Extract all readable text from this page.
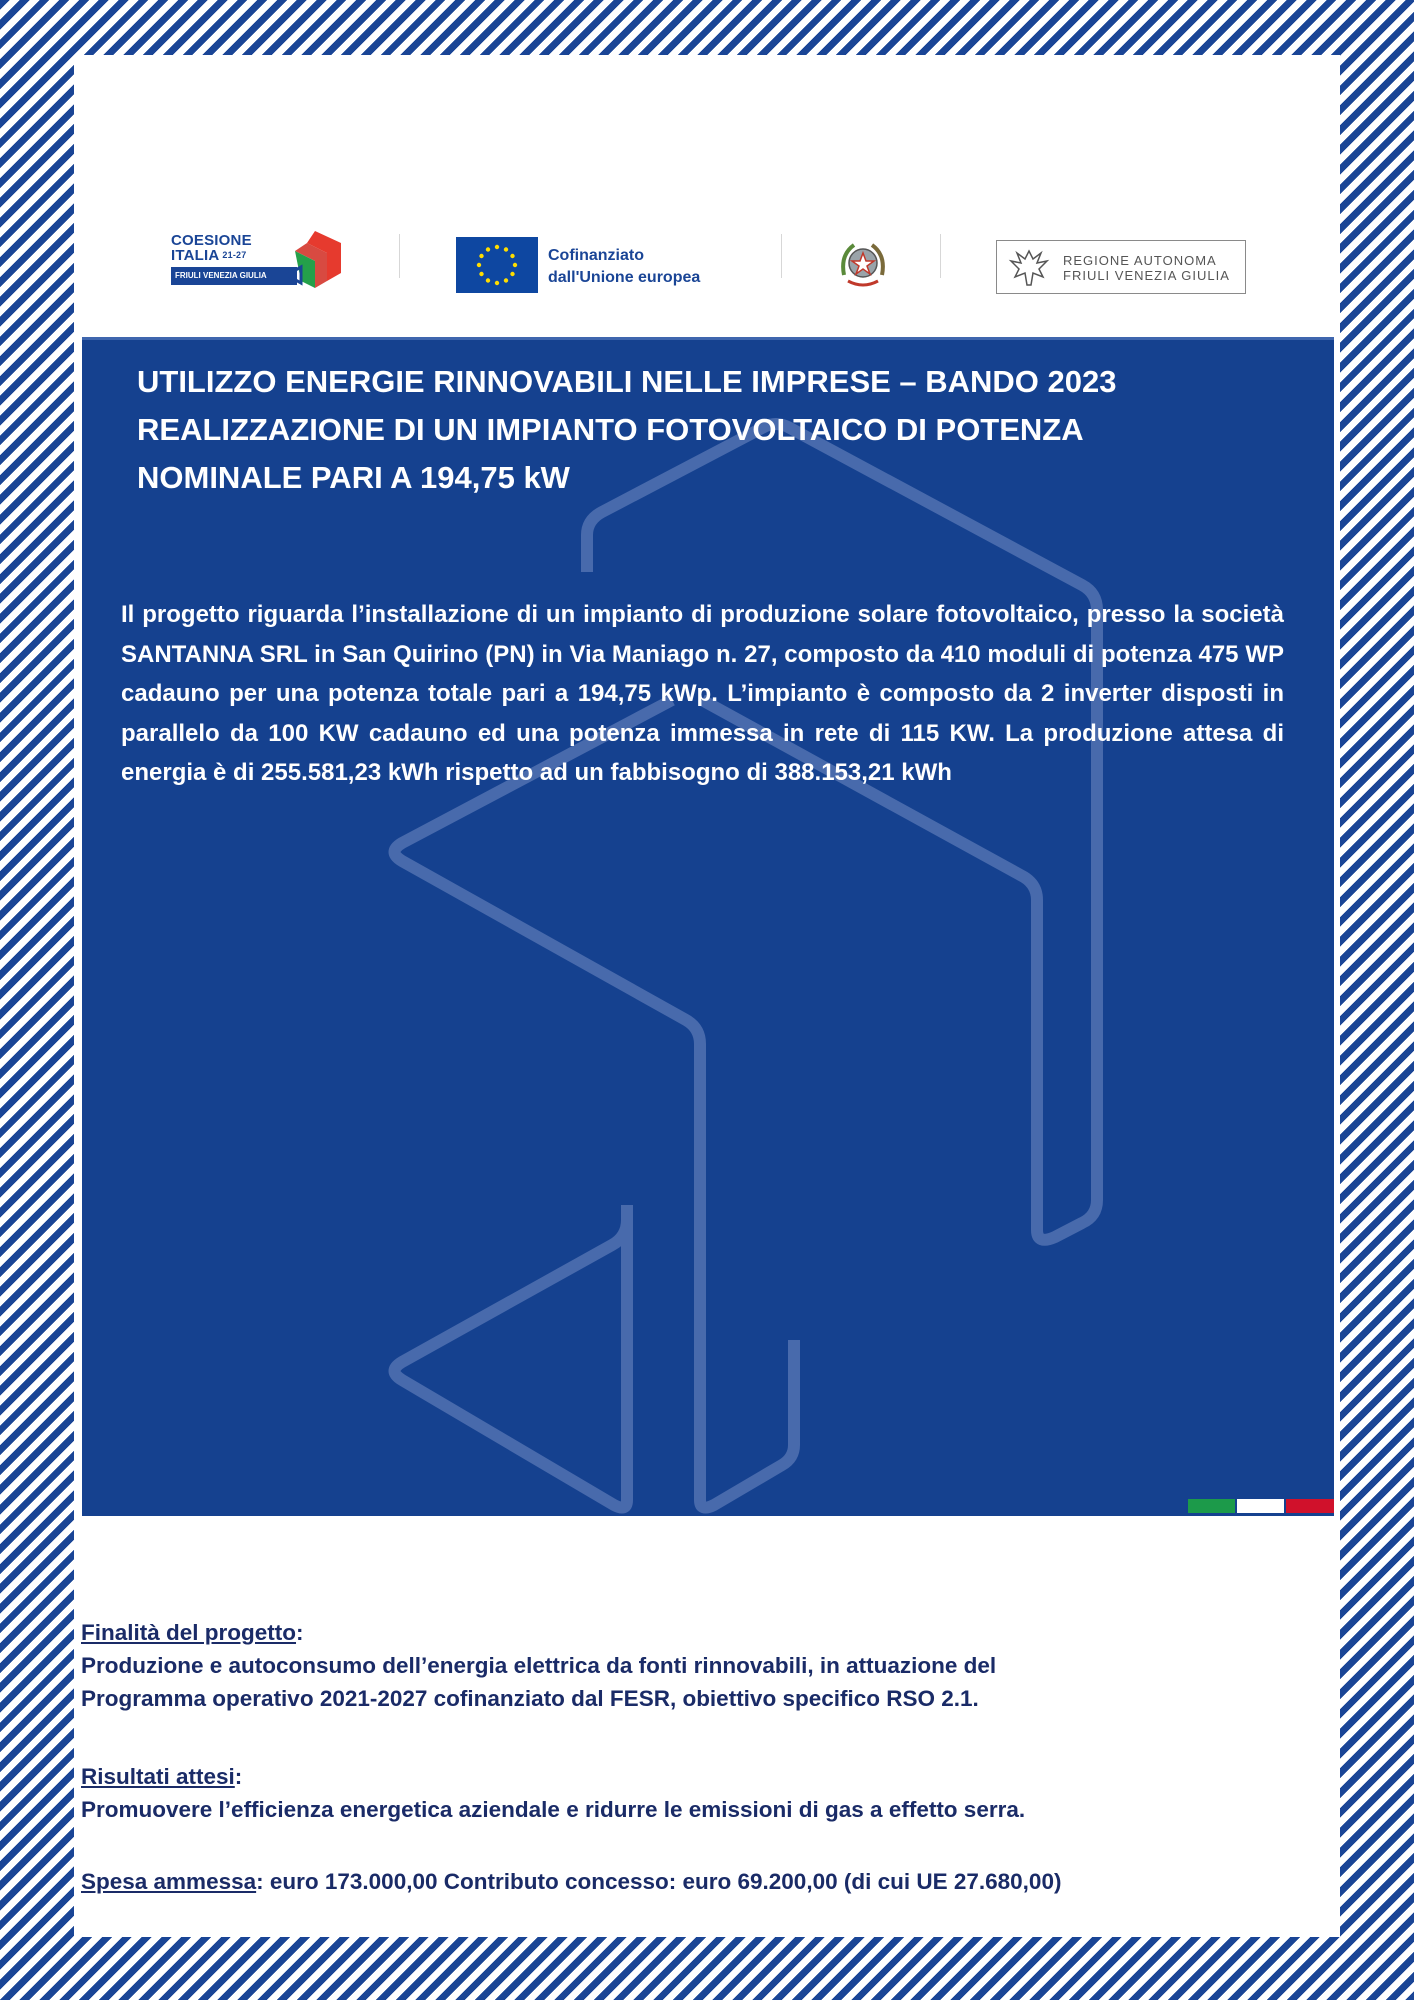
COESIONE
ITALIA $^{21-27}$
FRIULI VENEZIA GIULIA
Cofinanziato
dall'Unione europea
REGIONE AUTONOMA
FRIULI VENEZIA GIULIA
UTILIZZO ENERGIE RINNOVABILI NELLE IMPRESE – BANDO 2023
REALIZZAZIONE DI UN IMPIANTO FOTOVOLTAICO DI POTENZA
NOMINALE PARI A 194,75 kW

Il progetto riguarda l’installazione di un impianto di produzione solare fotovoltaico, presso la società SANTANNA SRL in San Quirino (PN) in Via Maniago n. 27, composto da 410 moduli di potenza 475 WP cadauno per una potenza totale pari a 194,75 kWp. L’impianto è composto da 2 inverter disposti in parallelo da 100 KW cadauno ed una potenza immessa in rete di 115 KW. La produzione attesa di energia è di 255.581,23 kWh rispetto ad un fabbisogno di 388.153,21 kWh

Finalità del progetto:
Produzione e autoconsumo dell’energia elettrica da fonti rinnovabili, in attuazione del
Programma operativo 2021-2027 cofinanziato dal FESR, obiettivo specifico RSO 2.1.
Risultati attesi:
Promuovere l’efficienza energetica aziendale e ridurre le emissioni di gas a effetto serra.
Spesa ammessa: euro 173.000,00 Contributo concesso: euro 69.200,00 (di cui UE 27.680,00)
